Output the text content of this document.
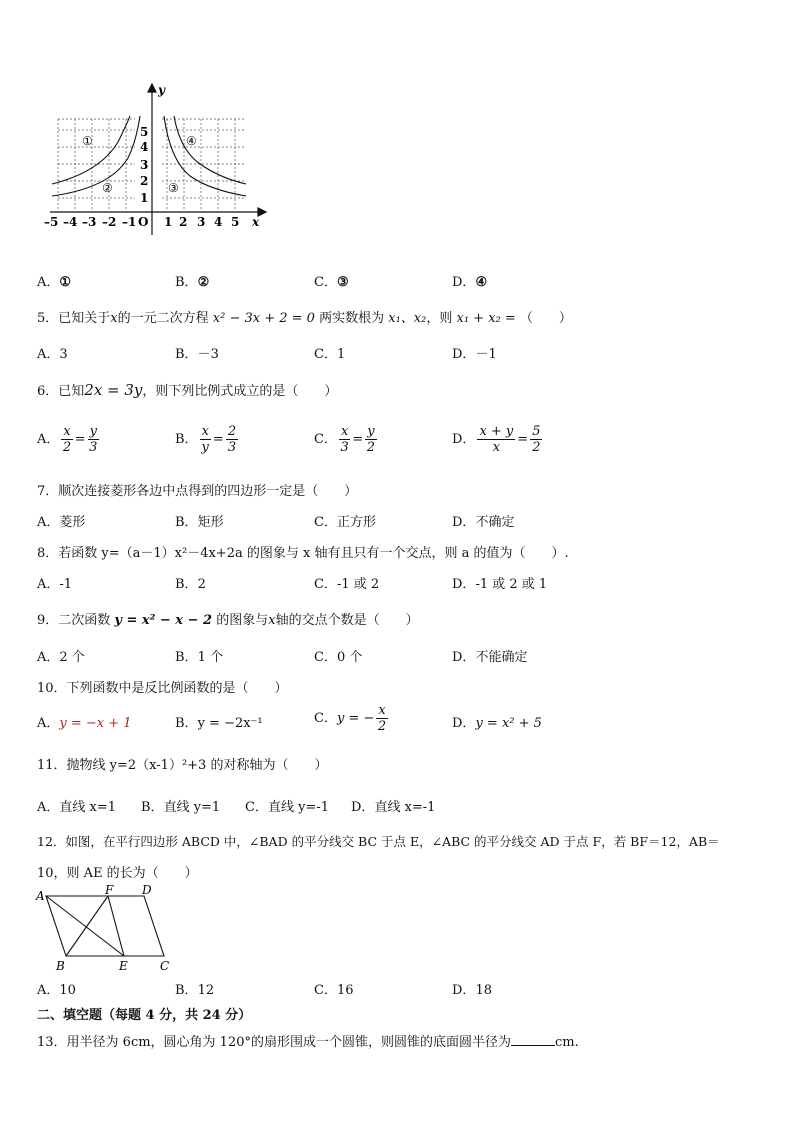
y
x
–5 –4 –3 –2 –1 O 1 2 3 4 5
1
2
3
4
5
①
②	③
④
A．①	B．②	C．③	D．④
5．已知关于x的一元二次方程 x² − 3x + 2 = 0 两实数根为 x₁、x₂，则 x₁ + x₂ = （　　）
A．3	B．－3	C．1	D．－1
6．已知2x = 3y，则下列比例式成立的是（　　）
A． $\frac{x}{2} = \frac{y}{3}$	B． $\frac{x}{y} = \frac{2}{3}$	C． $\frac{x}{3} = \frac{y}{2}$	D． $\frac{x + y}{x} = \frac{5}{2}$
7．顺次连接菱形各边中点得到的四边形一定是（　　）
A．菱形	B．矩形	C．正方形	D．不确定
8．若函数 y=（a－1）x²－4x+2a 的图象与 x 轴有且只有一个交点，则 a 的值为（　　）.
A．-1	B．2	C．-1 或 2	D．-1 或 2 或 1
9．二次函数 y = x² − x − 2 的图象与x轴的交点个数是（　　）
A．2 个	B．1 个	C．0 个	D．不能确定
10．下列函数中是反比例函数的是（　　）
A．y = −x + 1	B．y = −2x⁻¹	C．y = − $\frac{x}{2}$	D．y = x² + 5
11．抛物线 y=2（x-1）²+3 的对称轴为（　　）
A．直线 x=1 B．直线 y=1 C．直线 y=-1 D．直线 x=-1
12．如图，在平行四边形 ABCD 中，∠BAD 的平分线交 BC 于点 E，∠ABC 的平分线交 AD 于点 F，若 BF＝12，AB＝
10，则 AE 的长为（　　）
A	F D
B	E	C
A．10	B．12	C．16	D．18
二、填空题（每题 4 分，共 24 分）
13．用半径为 6cm，圆心角为 120°的扇形围成一个圆锥，则圆锥的底面圆半径为	cm.
